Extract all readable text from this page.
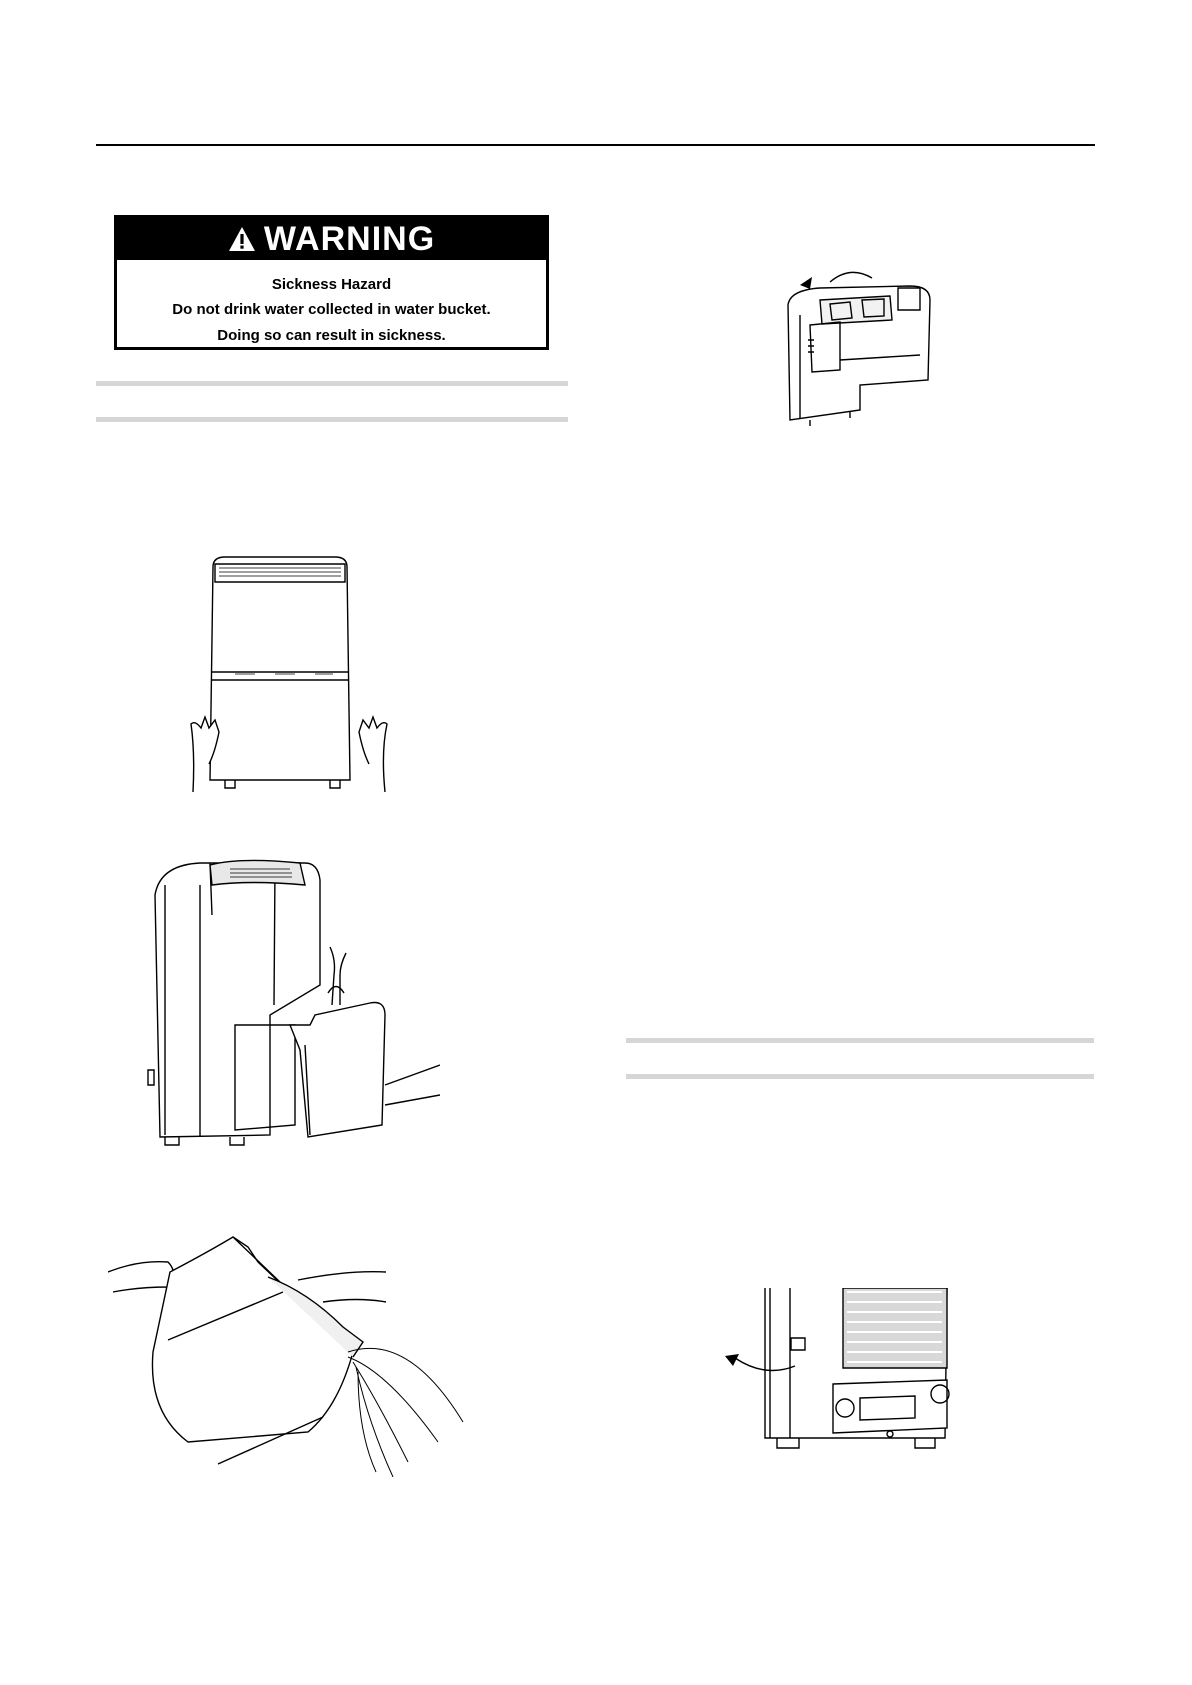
WARNING
Sickness Hazard
Do not drink water collected in water bucket.
Doing so can result in sickness.
